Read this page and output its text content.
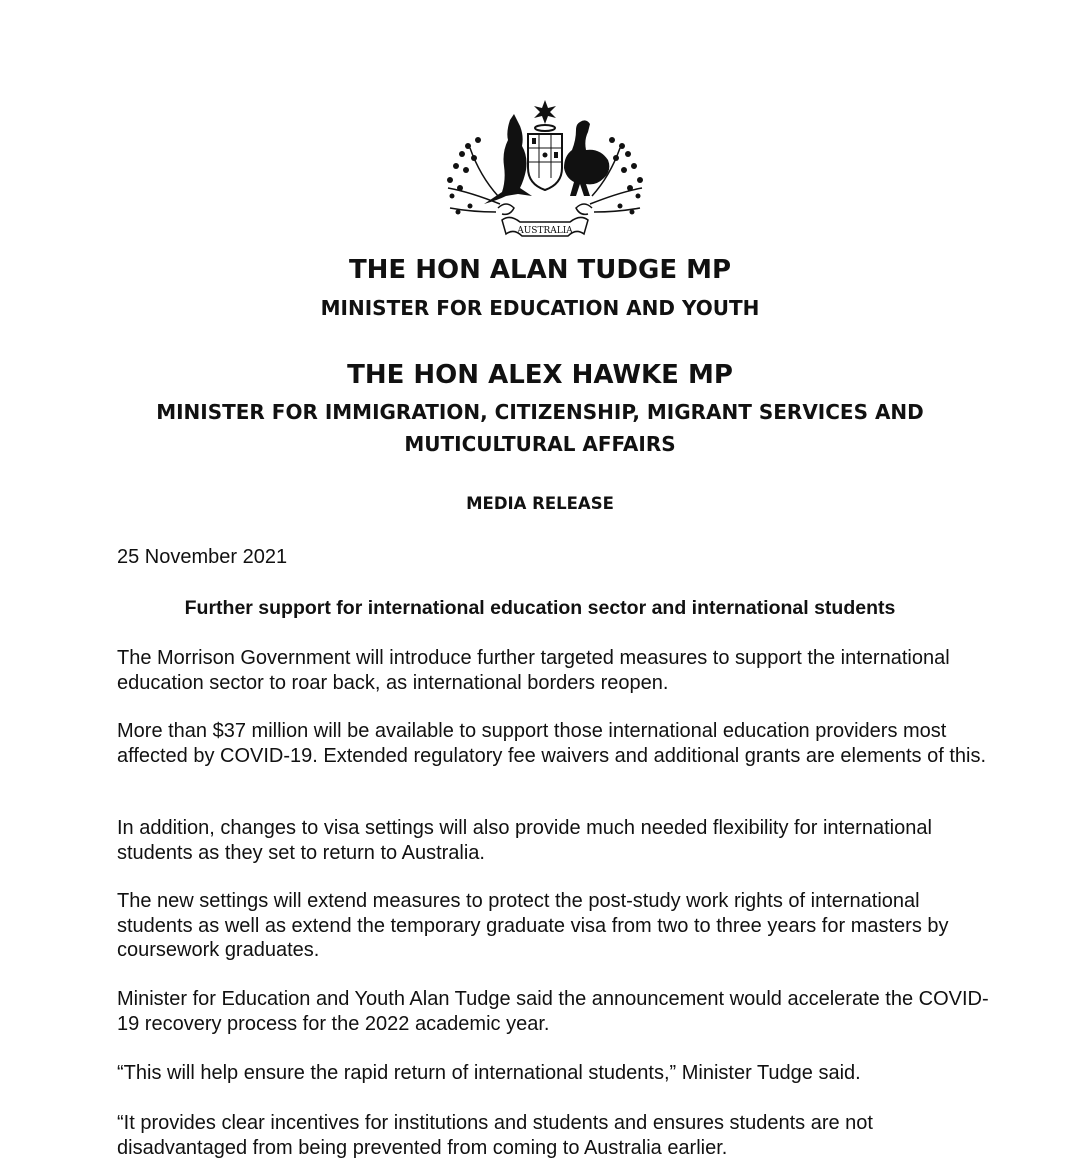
AUSTRALIA
THE HON ALAN TUDGE MP
MINISTER FOR EDUCATION AND YOUTH
THE HON ALEX HAWKE MP
MINISTER FOR IMMIGRATION, CITIZENSHIP, MIGRANT SERVICES AND
MUTICULTURAL AFFAIRS
MEDIA RELEASE
25 November 2021
Further support for international education sector and international students

The Morrison Government will introduce further targeted measures to support the international education sector to roar back, as international borders reopen.

More than $37 million will be available to support those international education providers most affected by COVID-19. Extended regulatory fee waivers and additional grants are elements of this.

In addition, changes to visa settings will also provide much needed flexibility for international students as they set to return to Australia.

The new settings will extend measures to protect the post-study work rights of international students as well as extend the temporary graduate visa from two to three years for masters by coursework graduates.

Minister for Education and Youth Alan Tudge said the announcement would accelerate the COVID-19 recovery process for the 2022 academic year.

“This will help ensure the rapid return of international students,” Minister Tudge said.

“It provides clear incentives for institutions and students and ensures students are not disadvantaged from being prevented from coming to Australia earlier.
